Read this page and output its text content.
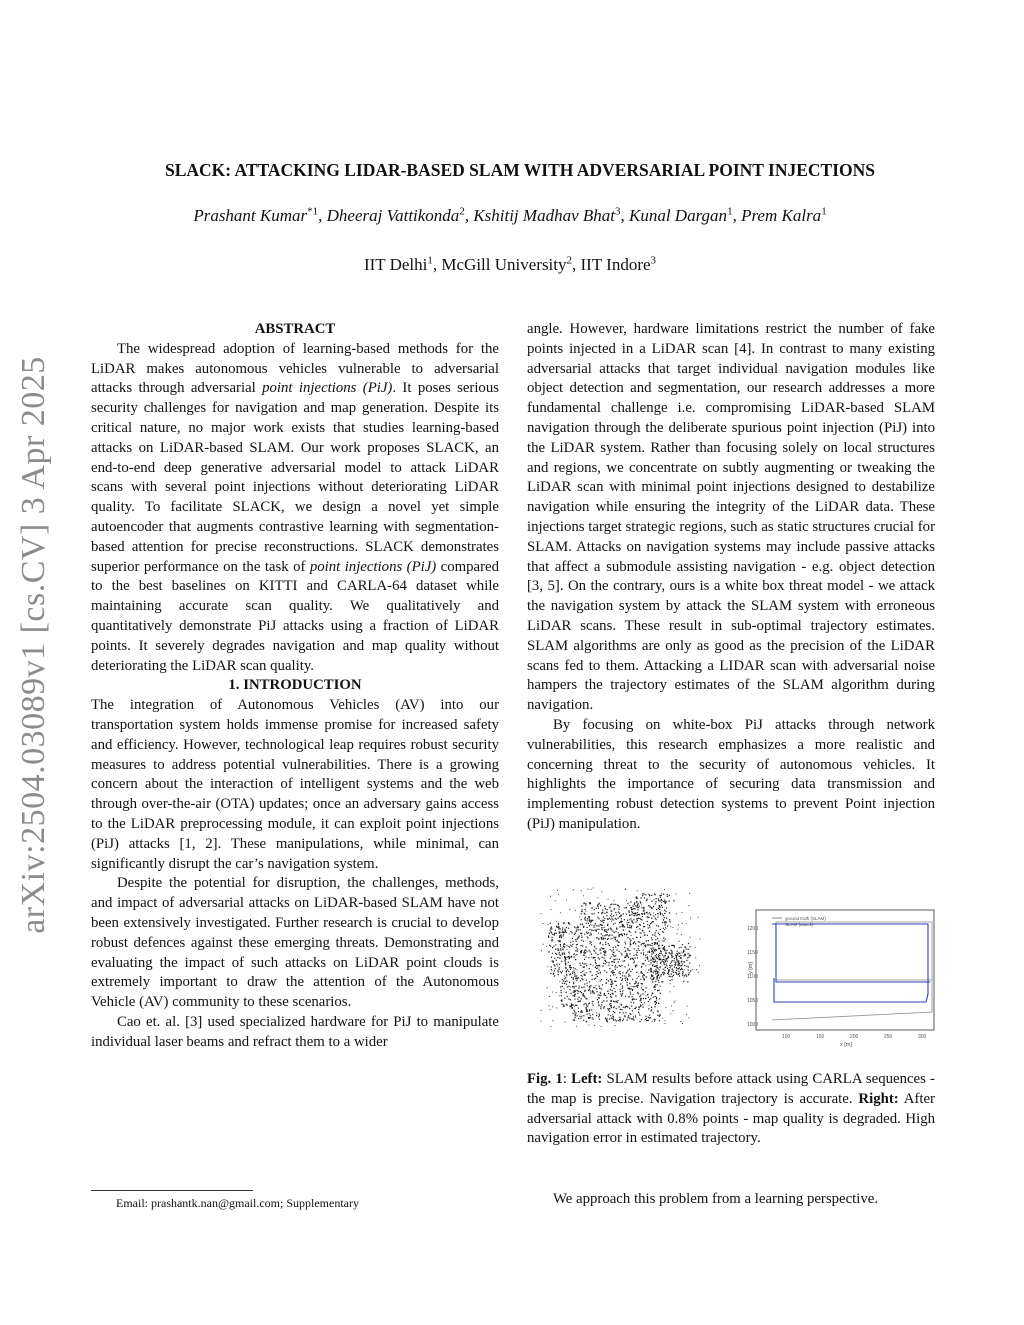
arXiv:2504.03089v1 [cs.CV] 3 Apr 2025
SLACK: ATTACKING LIDAR-BASED SLAM WITH ADVERSARIAL POINT INJECTIONS
Prashant Kumar$^{*1}$, Dheeraj Vattikonda$^2$, Kshitij Madhav Bhat$^3$, Kunal Dargan$^1$, Prem Kalra$^1$
IIT Delhi$^1$, McGill University$^2$, IIT Indore$^3$

ABSTRACT

The widespread adoption of learning-based methods for the LiDAR makes autonomous vehicles vulnerable to adversarial attacks through adversarial point injections (PiJ). It poses serious security challenges for navigation and map generation. Despite its critical nature, no major work exists that studies learning-based attacks on LiDAR-based SLAM. Our work proposes SLACK, an end-to-end deep generative adversarial model to attack LiDAR scans with several point injections without deteriorating LiDAR quality. To facilitate SLACK, we design a novel yet simple autoencoder that augments contrastive learning with segmentation-based attention for precise reconstructions. SLACK demonstrates superior performance on the task of point injections (PiJ) compared to the best baselines on KITTI and CARLA-64 dataset while maintaining accurate scan quality. We qualitatively and quantitatively demonstrate PiJ attacks using a fraction of LiDAR points. It severely degrades navigation and map quality without deteriorating the LiDAR scan quality.

1. INTRODUCTION

The integration of Autonomous Vehicles (AV) into our transportation system holds immense promise for increased safety and efficiency. However, technological leap requires robust security measures to address potential vulnerabilities. There is a growing concern about the interaction of intelligent systems and the web through over-the-air (OTA) updates; once an adversary gains access to the LiDAR preprocessing module, it can exploit point injections (PiJ) attacks [1, 2]. These manipulations, while minimal, can significantly disrupt the car’s navigation system.

Despite the potential for disruption, the challenges, methods, and impact of adversarial attacks on LiDAR-based SLAM have not been extensively investigated. Further research is crucial to develop robust defences against these emerging threats. Demonstrating and evaluating the impact of such attacks on LiDAR point clouds is extremely important to draw the attention of the Autonomous Vehicle (AV) community to these scenarios.

Cao et. al. [3] used specialized hardware for PiJ to manipulate individual laser beams and refract them to a wider

Email: prashantk.nan@gmail.com; Supplementary

angle. However, hardware limitations restrict the number of fake points injected in a LiDAR scan [4]. In contrast to many existing adversarial attacks that target individual navigation modules like object detection and segmentation, our research addresses a more fundamental challenge i.e. compromising LiDAR-based SLAM navigation through the deliberate spurious point injection (PiJ) into the LiDAR system. Rather than focusing solely on local structures and regions, we concentrate on subtly augmenting or tweaking the LiDAR scan with minimal point injections designed to destabilize navigation while ensuring the integrity of the LiDAR data. These injections target strategic regions, such as static structures crucial for SLAM. Attacks on navigation systems may include passive attacks that affect a submodule assisting navigation - e.g. object detection [3, 5]. On the contrary, ours is a white box threat model - we attack the navigation system by attack the SLAM system with erroneous LiDAR scans. These result in sub-optimal trajectory estimates. SLAM algorithms are only as good as the precision of the LiDAR scans fed to them. Attacking a LIDAR scan with adversarial noise hampers the trajectory estimates of the SLAM algorithm during navigation.

By focusing on white-box PiJ attacks through network vulnerabilities, this research emphasizes a more realistic and concerning threat to the security of autonomous vehicles. It highlights the importance of securing data transmission and implementing robust detection systems to prevent Point injection (PiJ) manipulation.

1200
1150
1100
1050
1000
100	150	200	250	300
x [m]
y [m]
ground truth (SLAM)
SLAM (attack)
Fig. 1: Left: SLAM results before attack using CARLA sequences - the map is precise. Navigation trajectory is accurate. Right: After adversarial attack with 0.8% points - map quality is degraded. High navigation error in estimated trajectory.
We approach this problem from a learning perspective.
